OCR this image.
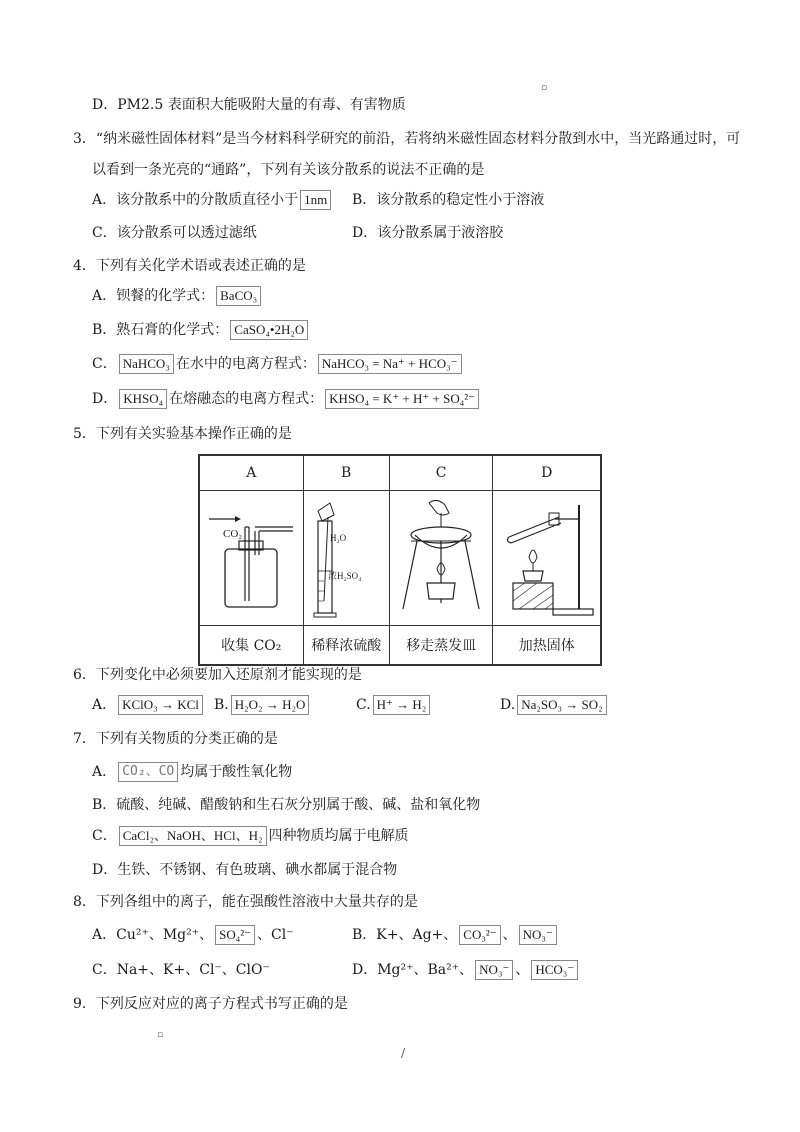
▫
D．PM2.5 表面积大能吸附大量的有毒、有害物质
3．“纳米磁性固体材料”是当今材料科学研究的前沿，若将纳米磁性固态材料分散到水中，当光路通过时，可
以看到一条光亮的“通路”，下列有关该分散系的说法不正确的是
A．该分散系中的分散质直径小于 1nm	B．该分散系的稳定性小于溶液
C．该分散系可以透过滤纸	D．该分散系属于液溶胶
4．下列有关化学术语或表述正确的是
A．钡餐的化学式： BaCO₃
B．熟石膏的化学式： CaSO₄•2H₂O
C． NaHCO₃ 在水中的电离方程式： NaHCO₃ = Na⁺ + HCO₃⁻
D． KHSO₄ 在熔融态的电离方程式： KHSO₄ = K⁺ + H⁺ + SO₄²⁻
5．下列有关实验基本操作正确的是
A	B	C	D

CO₂	H₂O
浓H₂SO₄

收集 CO₂	稀释浓硫酸	移走蒸发皿	加热固体
6．下列变化中必须要加入还原剂才能实现的是
A． KClO₃ → KCl	B. H₂O₂ → H₂O	C. H⁺ → H₂	D. Na₂SO₃ → SO₂
7．下列有关物质的分类正确的是
A． CO₂、CO 均属于酸性氧化物
B．硫酸、纯碱、醋酸钠和生石灰分别属于酸、碱、盐和氧化物
C． CaCl₂、NaOH、HCl、H₂ 四种物质均属于电解质
D．生铁、不锈钢、有色玻璃、碘水都属于混合物
8．下列各组中的离子，能在强酸性溶液中大量共存的是
A．Cu²⁺、Mg²⁺、 SO₄²⁻ 、Cl⁻	B．K+、Ag+、 CO₃²⁻ 、 NO₃⁻
C．Na+、K+、Cl⁻、ClO⁻	D．Mg²⁺、Ba²⁺、 NO₃⁻ 、 HCO₃⁻
9．下列反应对应的离子方程式书写正确的是
▫
/
